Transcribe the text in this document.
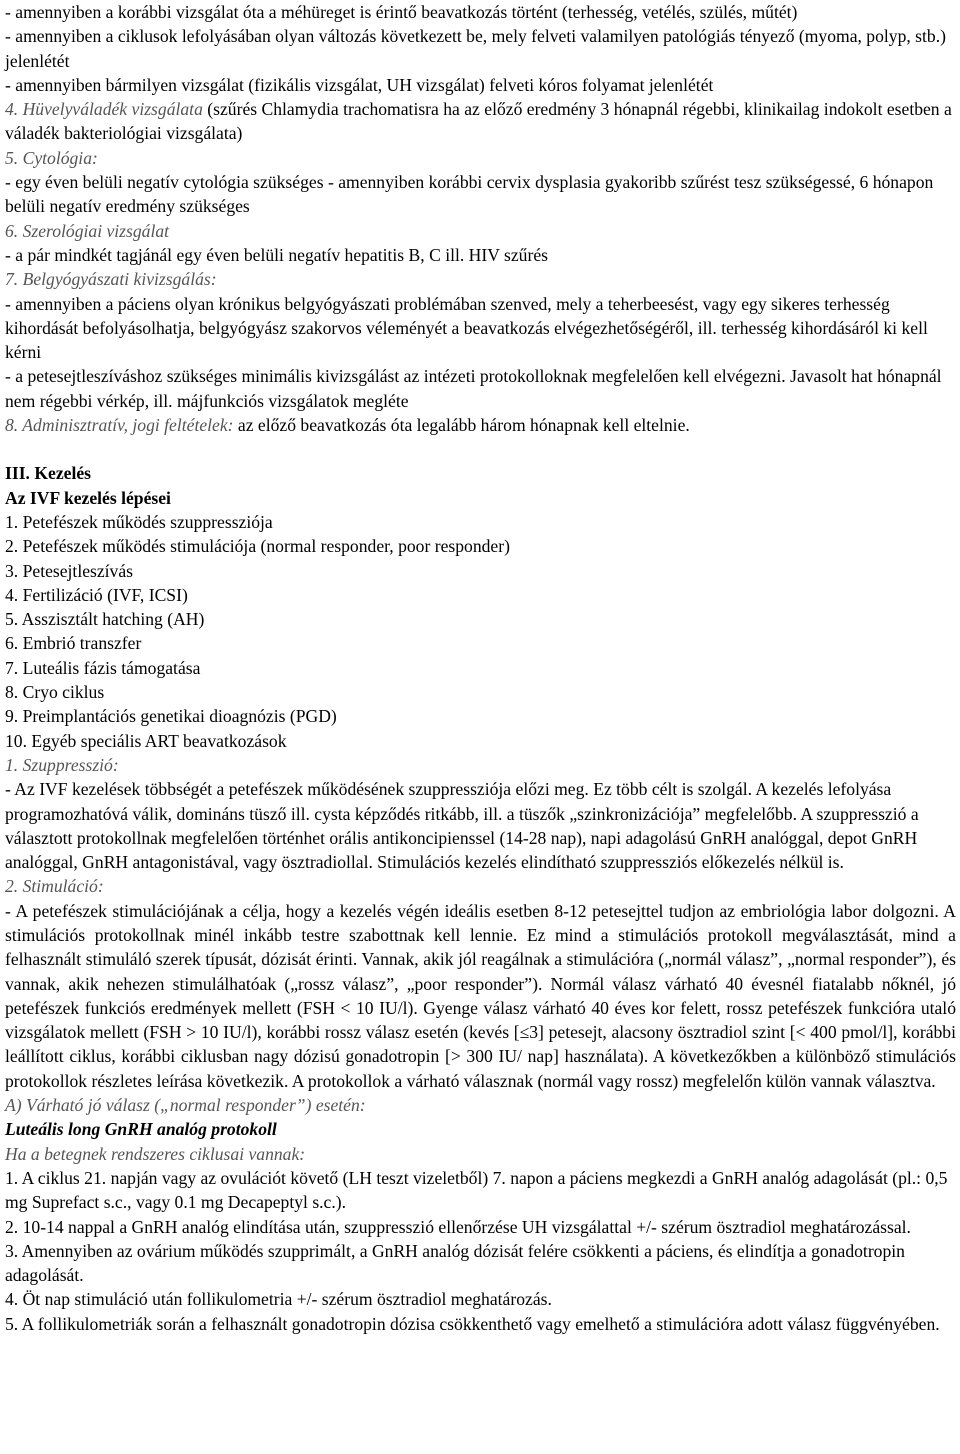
- amennyiben a korábbi vizsgálat óta a méhüreget is érintő beavatkozás történt (terhesség, vetélés, szülés, műtét)

- amennyiben a ciklusok lefolyásában olyan változás következett be, mely felveti valamilyen patológiás tényező (myoma, polyp, stb.) jelenlétét

- amennyiben bármilyen vizsgálat (fizikális vizsgálat, UH vizsgálat) felveti kóros folyamat jelenlétét

4. Hüvelyváladék vizsgálata (szűrés Chlamydia trachomatisra ha az előző eredmény 3 hónapnál régebbi, klinikailag indokolt esetben a váladék bakteriológiai vizsgálata)

5. Cytológia:

- egy éven belüli negatív cytológia szükséges - amennyiben korábbi cervix dysplasia gyakoribb szűrést tesz szükségessé, 6 hónapon belüli negatív eredmény szükséges

6. Szerológiai vizsgálat

- a pár mindkét tagjánál egy éven belüli negatív hepatitis B, C ill. HIV szűrés

7. Belgyógyászati kivizsgálás:

- amennyiben a páciens olyan krónikus belgyógyászati problémában szenved, mely a teherbeesést, vagy egy sikeres terhesség kihordását befolyásolhatja, belgyógyász szakorvos véleményét a beavatkozás elvégezhetőségéről, ill. terhesség kihordásáról ki kell kérni

- a petesejtleszíváshoz szükséges minimális kivizsgálást az intézeti protokolloknak megfelelően kell elvégezni. Javasolt hat hónapnál nem régebbi vérkép, ill. májfunkciós vizsgálatok megléte

8. Adminisztratív, jogi feltételek: az előző beavatkozás óta legalább három hónapnak kell eltelnie.

III. Kezelés

Az IVF kezelés lépései

1. Petefészek működés szuppressziója

2. Petefészek működés stimulációja (normal responder, poor responder)

3. Petesejtleszívás

4. Fertilizáció (IVF, ICSI)

5. Asszisztált hatching (AH)

6. Embrió transzfer

7. Luteális fázis támogatása

8. Cryo ciklus

9. Preimplantációs genetikai dioagnózis (PGD)

10. Egyéb speciális ART beavatkozások

1. Szuppresszió:

- Az IVF kezelések többségét a petefészek működésének szuppressziója előzi meg. Ez több célt is szolgál. A kezelés lefolyása programozhatóvá válik, domináns tüsző ill. cysta képződés ritkább, ill. a tüszők „szinkronizációja” megfelelőbb. A szuppresszió a választott protokollnak megfelelően történhet orális antikoncipienssel (14-28 nap), napi adagolású GnRH analóggal, depot GnRH analóggal, GnRH antagonistával, vagy ösztradiollal. Stimulációs kezelés elindítható szuppressziós előkezelés nélkül is.

2. Stimuláció:

- A petefészek stimulációjának a célja, hogy a kezelés végén ideális esetben 8-12 petesejttel tudjon az embriológia labor dolgozni. A stimulációs protokollnak minél inkább testre szabottnak kell lennie. Ez mind a stimulációs protokoll megválasztását, mind a felhasznált stimuláló szerek típusát, dózisát érinti. Vannak, akik jól reagálnak a stimulációra („normál válasz”, „normal responder”), és vannak, akik nehezen stimulálhatóak („rossz válasz”, „poor responder”). Normál válasz várható 40 évesnél fiatalabb nőknél, jó petefészek funkciós eredmények mellett (FSH < 10 IU/l). Gyenge válasz várható 40 éves kor felett, rossz petefészek funkcióra utaló vizsgálatok mellett (FSH > 10 IU/l), korábbi rossz válasz esetén (kevés [≤3] petesejt, alacsony ösztradiol szint [< 400 pmol/l], korábbi leállított ciklus, korábbi ciklusban nagy dózisú gonadotropin [> 300 IU/ nap] használata). A következőkben a különböző stimulációs protokollok részletes leírása következik. A protokollok a várható válasznak (normál vagy rossz) megfelelőn külön vannak választva.

A) Várható jó válasz („normal responder”) esetén:

Luteális long GnRH analóg protokoll

Ha a betegnek rendszeres ciklusai vannak:

1. A ciklus 21. napján vagy az ovulációt követő (LH teszt vizeletből) 7. napon a páciens megkezdi a GnRH analóg adagolását (pl.: 0,5 mg Suprefact s.c., vagy 0.1 mg Decapeptyl s.c.).

2. 10-14 nappal a GnRH analóg elindítása után, szuppresszió ellenőrzése UH vizsgálattal +/- szérum ösztradiol meghatározással.

3. Amennyiben az ovárium működés szupprimált, a GnRH analóg dózisát felére csökkenti a páciens, és elindítja a gonadotropin adagolását.

4. Öt nap stimuláció után follikulometria +/- szérum ösztradiol meghatározás.

5. A follikulometriák során a felhasznált gonadotropin dózisa csökkenthető vagy emelhető a stimulációra adott válasz függvényében.
